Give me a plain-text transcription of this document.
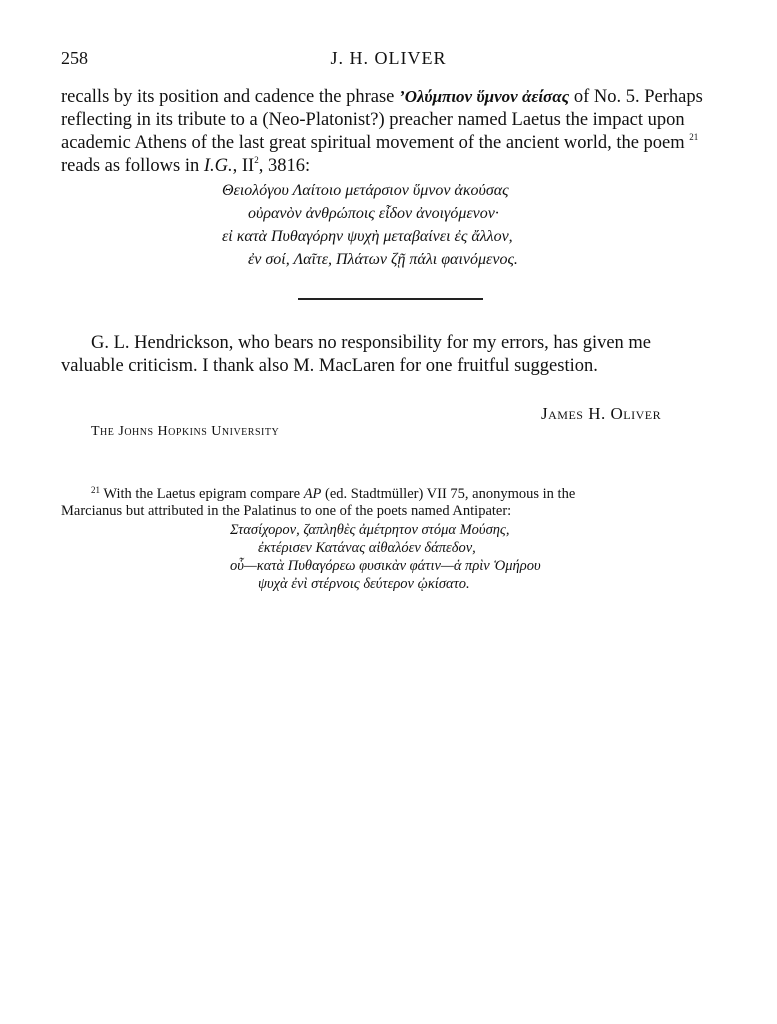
258	J. H. OLIVER
recalls by its position and cadence the phrase ’Ολύμπιον ὕμνον ἀείσας of No. 5. Perhaps
reflecting in its tribute to a (Neo-Platonist?) preacher named Laetus the impact upon
academic Athens of the last great spiritual movement of the ancient world, the poem $^{21}$
reads as follows in I.G., $II^2$, 3816:
Θειολόγου Λαίτοιο μετάρσιον ὕμνον ἀκούσας
οὐρανὸν ἀνθρώποις εἶδον ἀνοιγόμενον·
εἰ κατὰ Πυθαγόρην ψυχὴ μεταβαίνει ἐς ἄλλον,
ἐν σοί, Λαῖτε, Πλάτων ζῇ πάλι φαινόμενος.
G. L. Hendrickson, who bears no responsibility for my errors, has given me
valuable criticism. I thank also M. MacLaren for one fruitful suggestion.
James H. Oliver
The Johns Hopkins University
$^{21}$ With the Laetus epigram compare AP (ed. Stadtmüller) VII 75, anonymous in the
Marcianus but attributed in the Palatinus to one of the poets named Antipater:
Στασίχορον, ζαπληθὲς ἀμέτρητον στόμα Μούσης,
ἐκτέρισεν Κατάνας αἰθαλόεν δάπεδον,
οὗ—κατὰ Πυθαγόρεω φυσικὰν φάτιν—ἁ πρὶν Ὁμήρου
ψυχὰ ἐνὶ στέρνοις δεύτερον ᾠκίσατο.
